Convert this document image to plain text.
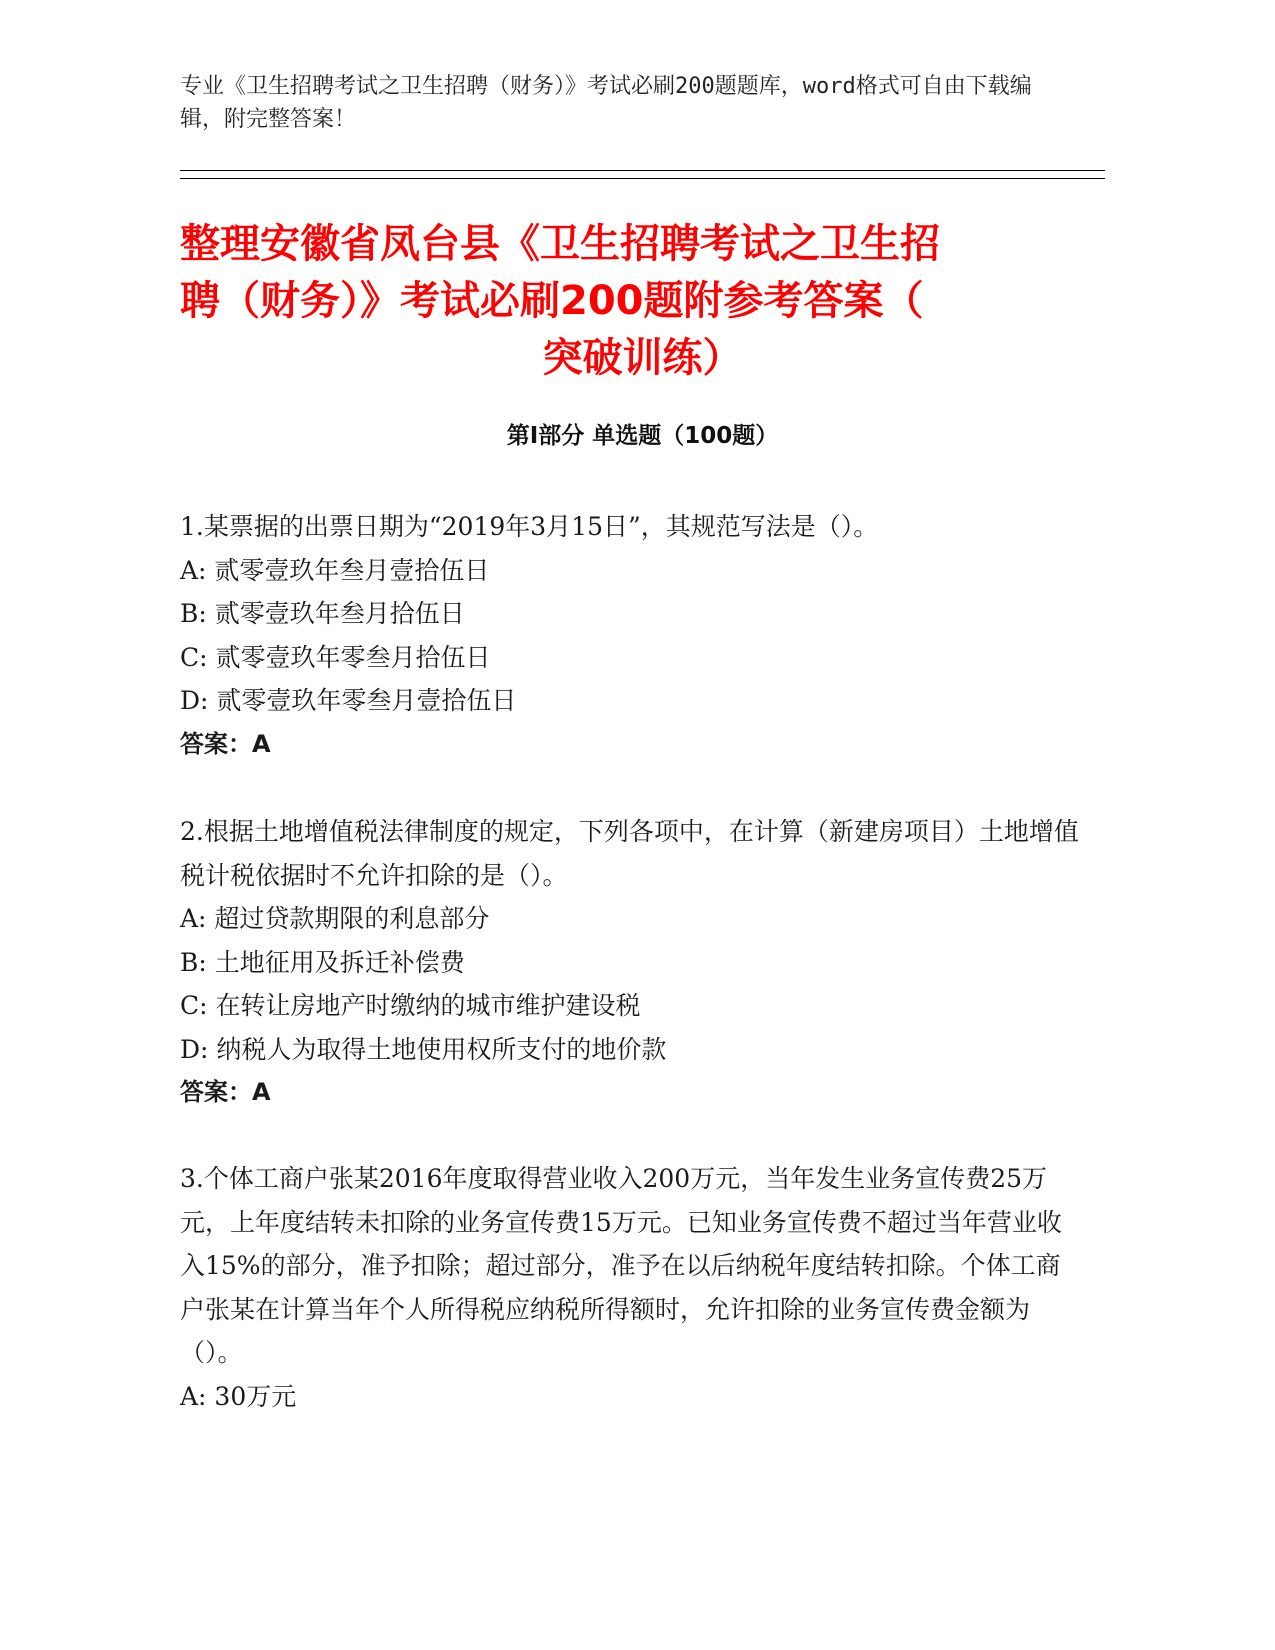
专业《卫生招聘考试之卫生招聘（财务）》考试必刷200题题库，word格式可自由下载编辑，附完整答案！
整理安徽省凤台县《卫生招聘考试之卫生招
聘（财务）》考试必刷200题附参考答案（
突破训练）
第Ⅰ部分 单选题（100题）
1.某票据的出票日期为“2019年3月15日”，其规范写法是（）。
A: 贰零壹玖年叁月壹拾伍日
B: 贰零壹玖年叁月拾伍日
C: 贰零壹玖年零叁月拾伍日
D: 贰零壹玖年零叁月壹拾伍日
答案：A
2.根据土地增值税法律制度的规定，下列各项中，在计算（新建房项目）土地增值税计税依据时不允许扣除的是（）。
A: 超过贷款期限的利息部分
B: 土地征用及拆迁补偿费
C: 在转让房地产时缴纳的城市维护建设税
D: 纳税人为取得土地使用权所支付的地价款
答案：A
3.个体工商户张某2016年度取得营业收入200万元，当年发生业务宣传费25万元，上年度结转未扣除的业务宣传费15万元。已知业务宣传费不超过当年营业收入15%的部分，准予扣除；超过部分，准予在以后纳税年度结转扣除。个体工商户张某在计算当年个人所得税应纳税所得额时，允许扣除的业务宣传费金额为（）。
A: 30万元
